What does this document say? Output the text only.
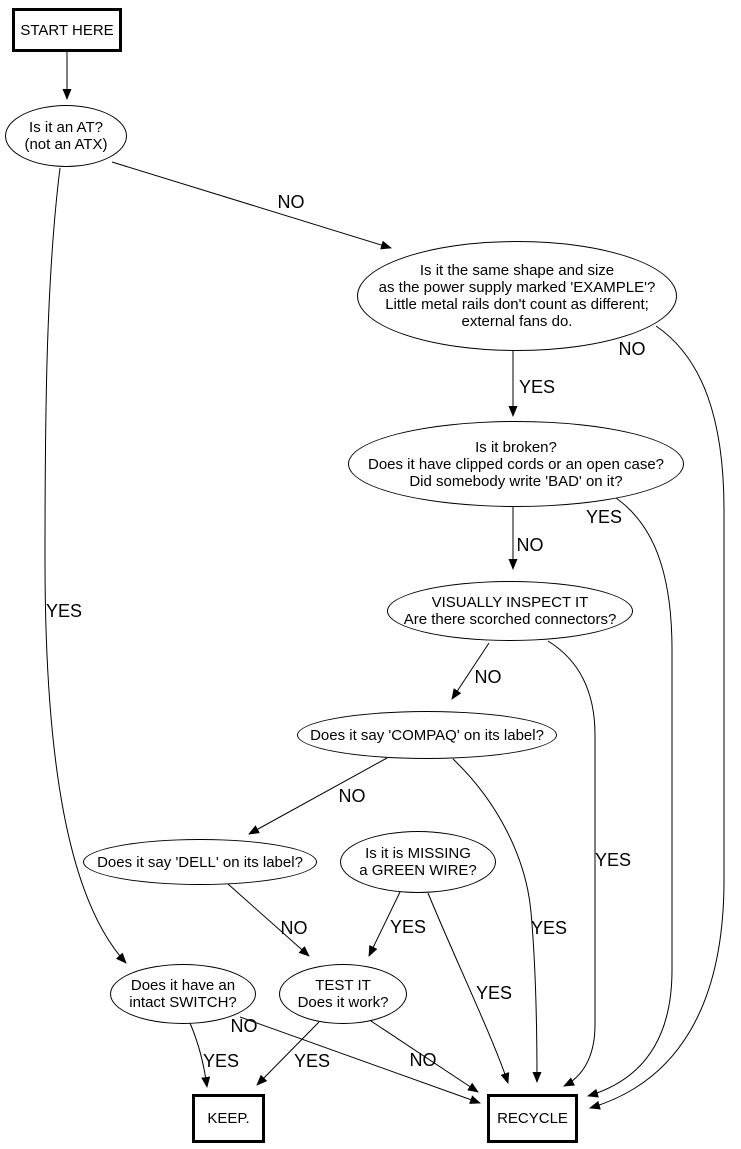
START HERE
Is it an AT?
(not an ATX)
Is it the same shape and size
as the power supply marked 'EXAMPLE'?
Little metal rails don't count as different;
external fans do.
Is it broken?
Does it have clipped cords or an open case?
Did somebody write 'BAD' on it?
VISUALLY INSPECT IT
Are there scorched connectors?
Does it say 'COMPAQ' on its label?
Does it say 'DELL' on its label?	Is it is MISSING
a GREEN WIRE?
Does it have an
intact SWITCH?
TEST IT
Does it work?
KEEP.	RECYCLE
NO
YES
YES
NO
NO
YES
NO
YES
NO
YES
NO	YES
YES
YES
NO
YES	NO
